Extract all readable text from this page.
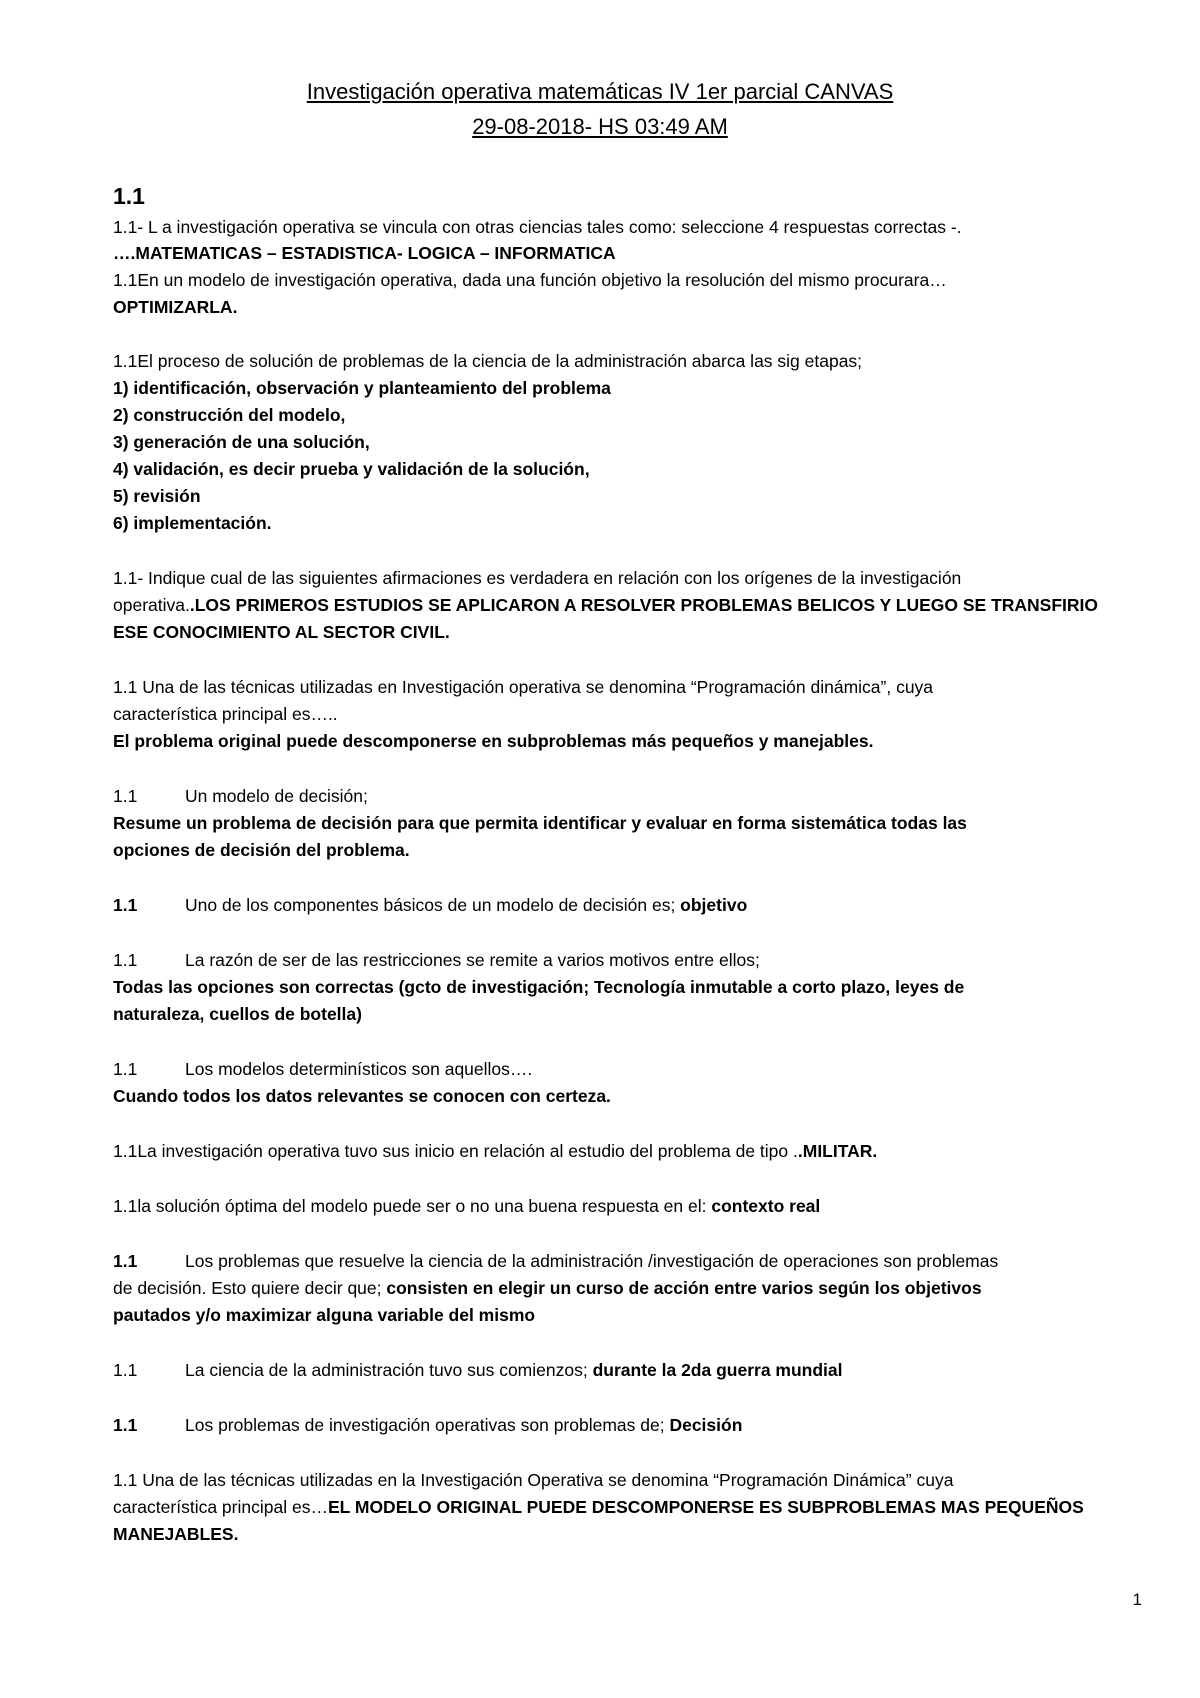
Investigación operativa matemáticas IV 1er parcial CANVAS
29-08-2018- HS 03:49 AM
1.1
1.1- L a investigación operativa se vincula con otras ciencias tales como: seleccione 4 respuestas correctas -.
….MATEMATICAS – ESTADISTICA- LOGICA – INFORMATICA
1.1En un modelo de investigación operativa, dada una función objetivo la resolución del mismo procurara…
OPTIMIZARLA.
1.1El proceso de solución de problemas de la ciencia de la administración abarca las sig etapas;
1) identificación, observación y planteamiento del problema
2) construcción del modelo,
3) generación de una solución,
4) validación, es decir prueba y validación de la solución,
5) revisión
6) implementación.
1.1- Indique cual de las siguientes afirmaciones es verdadera en relación con los orígenes de la investigación
operativa..LOS PRIMEROS ESTUDIOS SE APLICARON A RESOLVER PROBLEMAS BELICOS Y LUEGO SE TRANSFIRIO
ESE CONOCIMIENTO AL SECTOR CIVIL.
1.1 Una de las técnicas utilizadas en Investigación operativa se denomina “Programación dinámica”, cuya
característica principal es…..
El problema original puede descomponerse en subproblemas más pequeños y manejables.
1.1	Un modelo de decisión;
Resume un problema de decisión para que permita identificar y evaluar en forma sistemática todas las
opciones de decisión del problema.
1.1	Uno de los componentes básicos de un modelo de decisión es; objetivo
1.1	La razón de ser de las restricciones se remite a varios motivos entre ellos;
Todas las opciones son correctas (gcto de investigación; Tecnología inmutable a corto plazo, leyes de
naturaleza, cuellos de botella)
1.1	Los modelos determinísticos son aquellos….
Cuando todos los datos relevantes se conocen con certeza.
1.1La investigación operativa tuvo sus inicio en relación al estudio del problema de tipo ..MILITAR.
1.1la solución óptima del modelo puede ser o no una buena respuesta en el: contexto real
1.1	Los problemas que resuelve la ciencia de la administración /investigación de operaciones son problemas
de decisión. Esto quiere decir que; consisten en elegir un curso de acción entre varios según los objetivos
pautados y/o maximizar alguna variable del mismo
1.1	La ciencia de la administración tuvo sus comienzos; durante la 2da guerra mundial
1.1	Los problemas de investigación operativas son problemas de; Decisión
1.1 Una de las técnicas utilizadas en la Investigación Operativa se denomina “Programación Dinámica” cuya
característica principal es…EL MODELO ORIGINAL PUEDE DESCOMPONERSE ES SUBPROBLEMAS MAS PEQUEÑOS
MANEJABLES.
1
